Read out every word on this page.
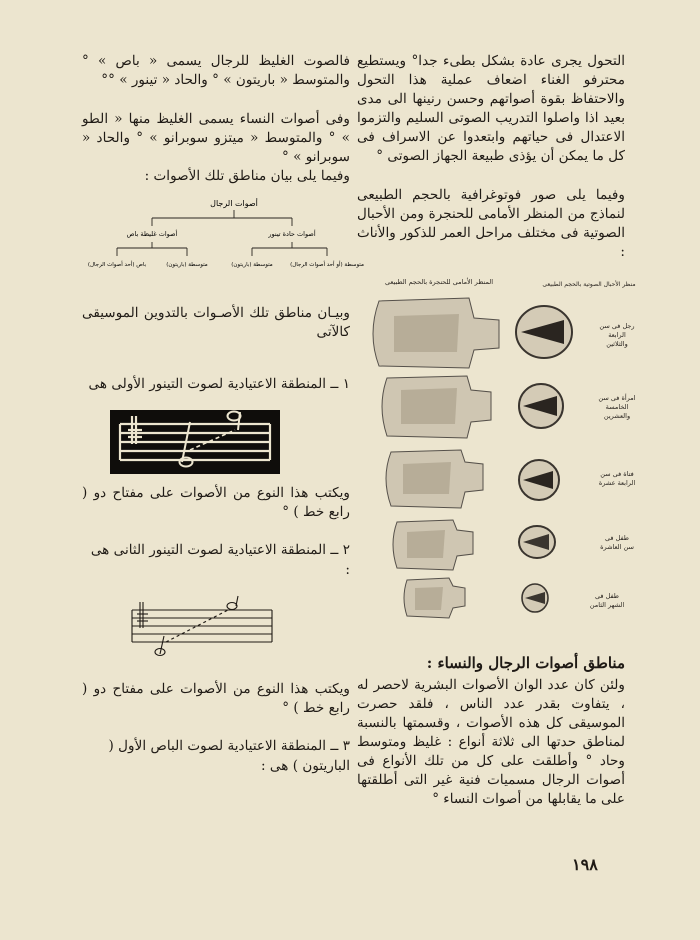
فالصوت الغليظ للرجال يسمى « باص » ° والمتوسط « باريتون » ° والحاد « تينور » °°

وفى أصوات النساء يسمى الغليظ منها « الطو » ° والمتوسط « ميتزو سوبرانو » ° والحاد « سوبرانو » °

وفيما يلى بيان مناطق تلك الأصوات :

أصوات الرجال
أصوات حادة تينور
أصوات غليظة باص
متوسطة (أو أحد أصوات الرجال)
متوسطة (باريتون)
متوسطة (باريتون)
باص (أحد أصوات الرجال)

وبيـان مناطق تلك الأصـوات بالتدوين الموسيقى كالآتى

١ ــ المنطقة الاعتيادية لصوت التينور الأولى هى

ويكتب هذا النوع من الأصوات على مفتاح دو ( رابع خط ) °

٢ ــ المنطقة الاعتيادية لصوت التينور الثانى هى :

ويكتب هذا النوع من الأصوات على مفتاح دو ( رابع خط ) °

٣ ــ المنطقة الاعتيادية لصوت الباص الأول ( الباريتون ) هى :

التحول يجرى عادة بشكل بطىء جدا° ويستطيع محترفو الغناء اضعاف عملية هذا التحول والاحتفاظ بقوة أصواتهم وحسن رنينها الى مدى بعيد اذا واصلوا التدريب الصوتى السليم والتزموا الاعتدال فى حياتهم وابتعدوا عن الاسراف فى كل ما يمكن أن يؤذى طبيعة الجهاز الصوتى °

وفيما يلى صور فوتوغرافية بالحجم الطبيعى لنماذج من المنظر الأمامى للحنجرة ومن الأحبال الصوتية فى مختلف مراحل العمر للذكور والأناث :

المنظر الأمامى للحنجرة بالحجم الطبيعى	منظر الأحبال الصوتية بالحجم الطبيعى
رجل فى سن الرابعة والثلاثين
امرأة فى سن الخامسة والعشرين
فتاة فى سن الرابعة عشرة
طفل فى سن العاشرة
طفل فى الشهر الثامن

مناطق أصوات الرجال والنساء :

ولئن كان عدد الوان الأصوات البشرية لاحصر له ، يتفاوت بقدر عدد الناس ، فلقد حصرت الموسيقى كل هذه الأصوات ، وقسمتها بالنسبة لمناطق حدتها الى ثلاثة أنواع : غليظ ومتوسط وحاد ° وأطلقت على كل من تلك الأنواع فى أصوات الرجال مسميات فنية غير التى أطلقتها على ما يقابلها من أصوات النساء °

١٩٨
